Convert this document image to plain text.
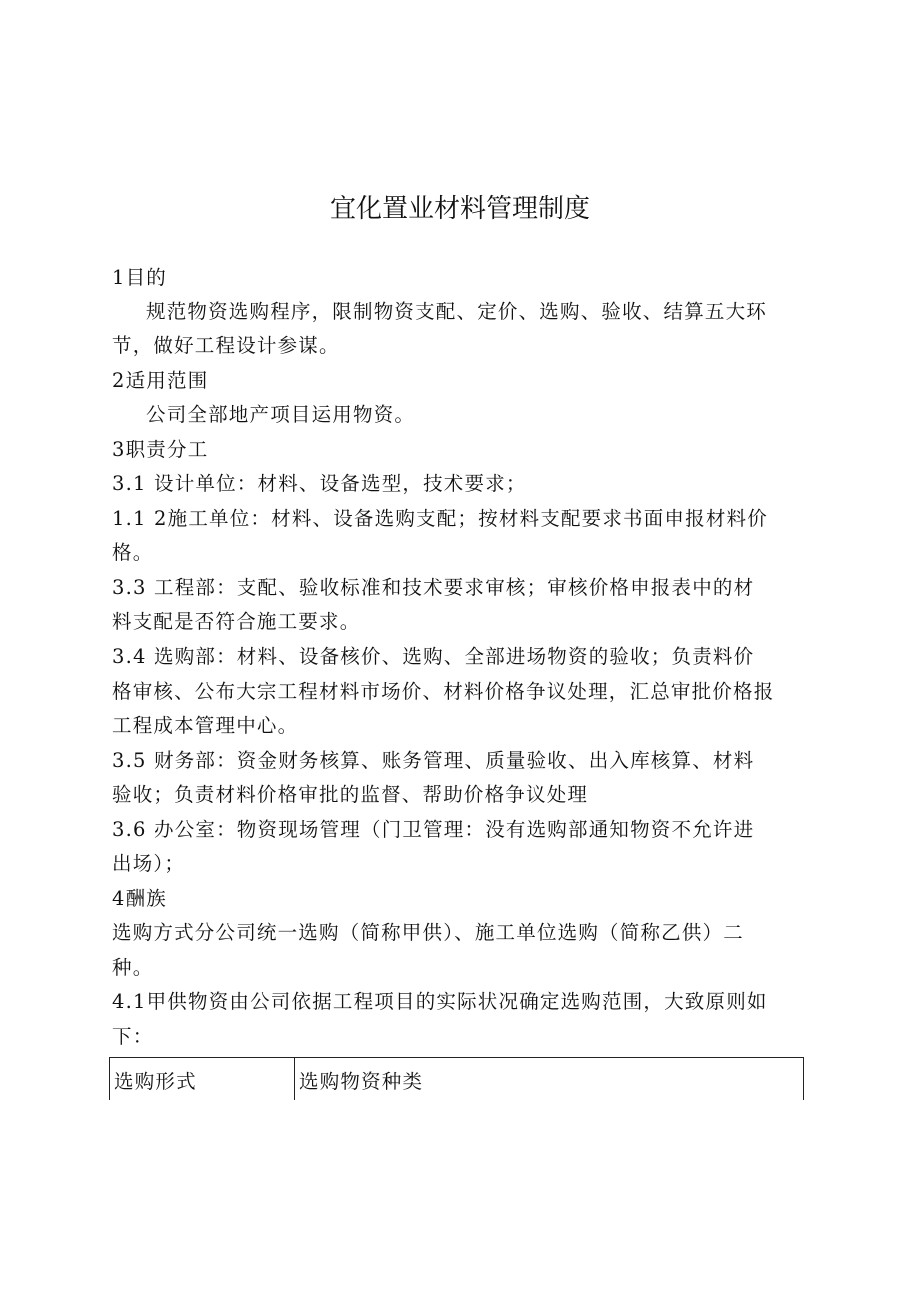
宜化置业材料管理制度
1目的
规范物资选购程序，限制物资支配、定价、选购、验收、结算五大环
节，做好工程设计参谋。
2适用范围
公司全部地产项目运用物资。
3职责分工
3.1 设计单位：材料、设备选型，技术要求；
1.1 2施工单位：材料、设备选购支配；按材料支配要求书面申报材料价
格。
3.3 工程部：支配、验收标准和技术要求审核；审核价格申报表中的材
料支配是否符合施工要求。
3.4 选购部：材料、设备核价、选购、全部进场物资的验收；负责料价
格审核、公布大宗工程材料市场价、材料价格争议处理，汇总审批价格报
工程成本管理中心。
3.5 财务部：资金财务核算、账务管理、质量验收、出入库核算、材料
验收；负责材料价格审批的监督、帮助价格争议处理
3.6 办公室：物资现场管理（门卫管理：没有选购部通知物资不允许进
出场）；
4酬族
选购方式分公司统一选购（简称甲供）、施工单位选购（简称乙供）二
种。
4.1甲供物资由公司依据工程项目的实际状况确定选购范围，大致原则如
下：
选购形式	选购物资种类
